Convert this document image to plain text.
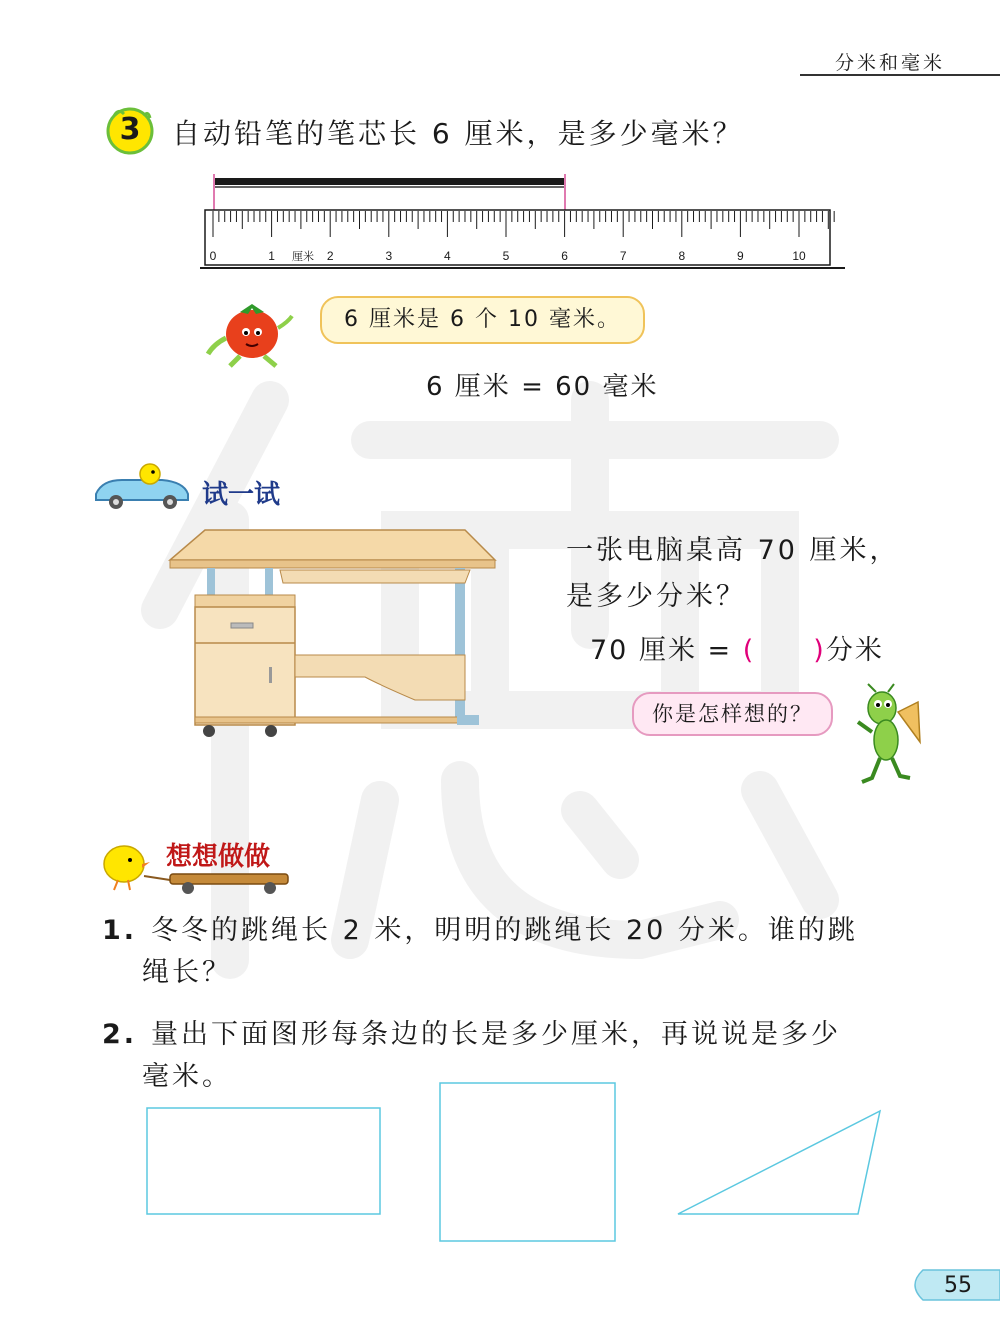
分米和毫米
3	自动铅笔的笔芯长 6 厘米，是多少毫米？
0	1	2	3	4	5	6	7	8	9	10
厘米
6 厘米是 6 个 10 毫米。
6 厘米 = 60 毫米
试一试
一张电脑桌高 70 厘米，
是多少分米？
70 厘米 = ( )分米
你是怎样想的？
想想做做
1. 冬冬的跳绳长 2 米，明明的跳绳长 20 分米。谁的跳
绳长？
2. 量出下面图形每条边的长是多少厘米，再说说是多少
毫米。
55
